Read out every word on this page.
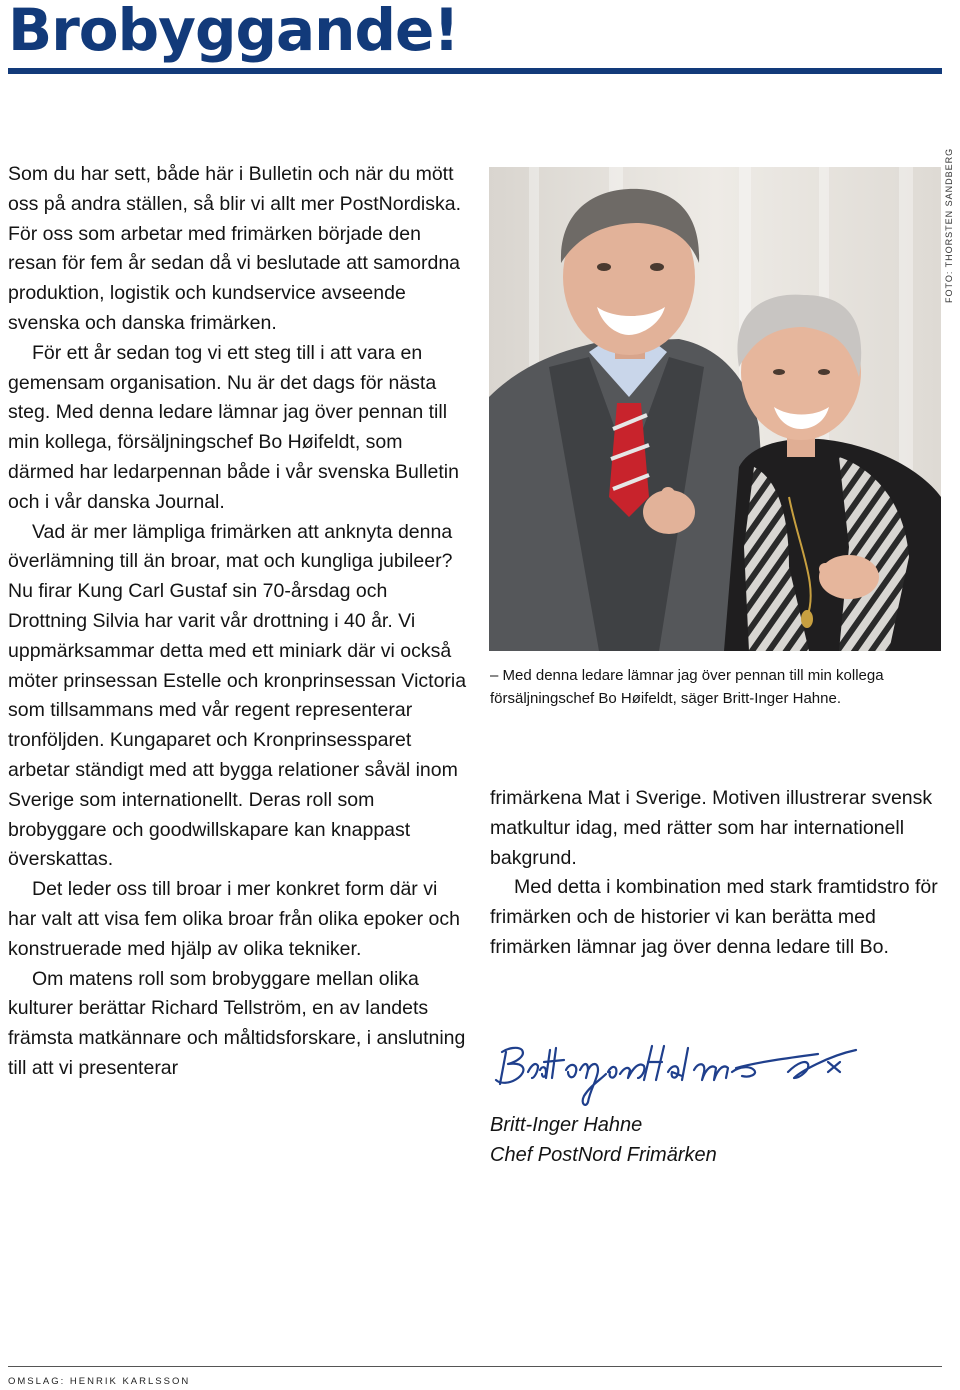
Brobyggande!

Som du har sett, både här i Bulletin och när du mött oss på andra ställen, så blir vi allt mer PostNordiska. För oss som arbetar med frimärken började den resan för fem år sedan då vi beslutade att samordna produktion, logistik och kundservice avseende svenska och danska frimärken.

För ett år sedan tog vi ett steg till i att vara en gemensam organisation. Nu är det dags för nästa steg. Med denna ledare lämnar jag över pennan till min kollega, försäljningschef Bo Høifeldt, som därmed har ledarpennan både i vår svenska Bulletin och i vår danska Journal.

Vad är mer lämpliga frimärken att anknyta denna överlämning till än broar, mat och kungliga jubileer? Nu firar Kung Carl Gustaf sin 70-årsdag och Drottning Silvia har varit vår drottning i 40 år. Vi uppmärksammar detta med ett miniark där vi också möter prinsessan Estelle och kronprinsessan Victoria som tillsammans med vår regent representerar tronföljden. Kungaparet och Kronprinsessparet arbetar ständigt med att bygga relationer såväl inom Sverige som internationellt. Deras roll som brobyggare och goodwillskapare kan knappast överskattas.

Det leder oss till broar i mer konkret form där vi har valt att visa fem olika broar från olika epoker och konstruerade med hjälp av olika tekniker.

Om matens roll som brobyggare mellan olika kulturer berättar Richard Tellström, en av landets främsta matkännare och måltidsforskare, i anslutning till att vi presenterar

FOTO: THORSTEN SANDBERG

– Med denna ledare lämnar jag över pennan till min kollega försäljningschef Bo Høifeldt, säger Britt-Inger Hahne.

frimärkena Mat i Sverige. Motiven illustrerar svensk matkultur idag, med rätter som har internationell bakgrund.

Med detta i kombination med stark framtidstro för frimärken och de historier vi kan berätta med frimärken lämnar jag över denna ledare till Bo.

Britt-Inger Hahne

Chef PostNord Frimärken

OMSLAG: HENRIK KARLSSON
